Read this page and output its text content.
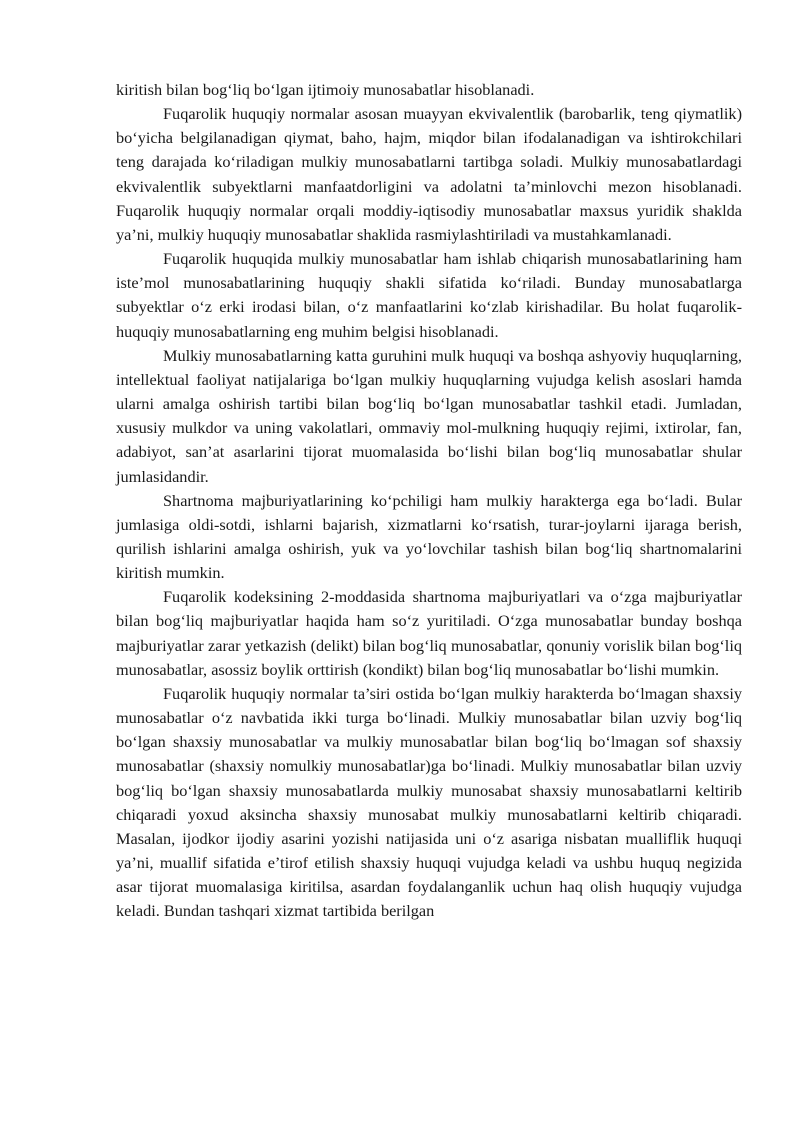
kiritish bilan bog‘liq bo‘lgan ijtimoiy munosabatlar hisoblanadi.

Fuqarolik huquqiy normalar asosan muayyan ekvivalentlik (barobarlik, teng qiymatlik) bo‘yicha belgilanadigan qiymat, baho, hajm, miqdor bilan ifodalanadigan va ishtirokchilari teng darajada ko‘riladigan mulkiy munosabatlarni tartibga soladi. Mulkiy munosabatlardagi ekvivalentlik subyektlarni manfaatdorligini va adolatni ta’minlovchi mezon hisoblanadi. Fuqarolik huquqiy normalar orqali moddiy-iqtisodiy munosabatlar maxsus yuridik shaklda ya’ni, mulkiy huquqiy munosabatlar shaklida rasmiylashtiriladi va mustahkamlanadi.

Fuqarolik huquqida mulkiy munosabatlar ham ishlab chiqarish munosabatlarining ham iste’mol munosabatlarining huquqiy shakli sifatida ko‘riladi. Bunday munosabatlarga subyektlar o‘z erki irodasi bilan, o‘z manfaatlarini ko‘zlab kirishadilar. Bu holat fuqarolik-huquqiy munosabatlarning eng muhim belgisi hisoblanadi.

Mulkiy munosabatlarning katta guruhini mulk huquqi va boshqa ashyoviy huquqlarning, intellektual faoliyat natijalariga bo‘lgan mulkiy huquqlarning vujudga kelish asoslari hamda ularni amalga oshirish tartibi bilan bog‘liq bo‘lgan munosabatlar tashkil etadi. Jumladan, xususiy mulkdor va uning vakolatlari, ommaviy mol-mulkning huquqiy rejimi, ixtirolar, fan, adabiyot, san’at asarlarini tijorat muomalasida bo‘lishi bilan bog‘liq munosabatlar shular jumlasidandir.

Shartnoma majburiyatlarining ko‘pchiligi ham mulkiy harakterga ega bo‘ladi. Bular jumlasiga oldi-sotdi, ishlarni bajarish, xizmatlarni ko‘rsatish, turar-joylarni ijaraga berish, qurilish ishlarini amalga oshirish, yuk va yo‘lovchilar tashish bilan bog‘liq shartnomalarini kiritish mumkin.

Fuqarolik kodeksining 2-moddasida shartnoma majburiyatlari va o‘zga majburiyatlar bilan bog‘liq majburiyatlar haqida ham so‘z yuritiladi. O‘zga munosabatlar bunday boshqa majburiyatlar zarar yetkazish (delikt) bilan bog‘liq munosabatlar, qonuniy vorislik bilan bog‘liq munosabatlar, asossiz boylik orttirish (kondikt) bilan bog‘liq munosabatlar bo‘lishi mumkin.

Fuqarolik huquqiy normalar ta’siri ostida bo‘lgan mulkiy harakterda bo‘lmagan shaxsiy munosabatlar o‘z navbatida ikki turga bo‘linadi. Mulkiy munosabatlar bilan uzviy bog‘liq bo‘lgan shaxsiy munosabatlar va mulkiy munosabatlar bilan bog‘liq bo‘lmagan sof shaxsiy munosabatlar (shaxsiy nomulkiy munosabatlar)ga bo‘linadi. Mulkiy munosabatlar bilan uzviy bog‘liq bo‘lgan shaxsiy munosabatlarda mulkiy munosabat shaxsiy munosabatlarni keltirib chiqaradi yoxud aksincha shaxsiy munosabat mulkiy munosabatlarni keltirib chiqaradi. Masalan, ijodkor ijodiy asarini yozishi natijasida uni o‘z asariga nisbatan mualliflik huquqi ya’ni, muallif sifatida e’tirof etilish shaxsiy huquqi vujudga keladi va ushbu huquq negizida asar tijorat muomalasiga kiritilsa, asardan foydalanganlik uchun haq olish huquqiy vujudga keladi. Bundan tashqari xizmat tartibida berilgan
